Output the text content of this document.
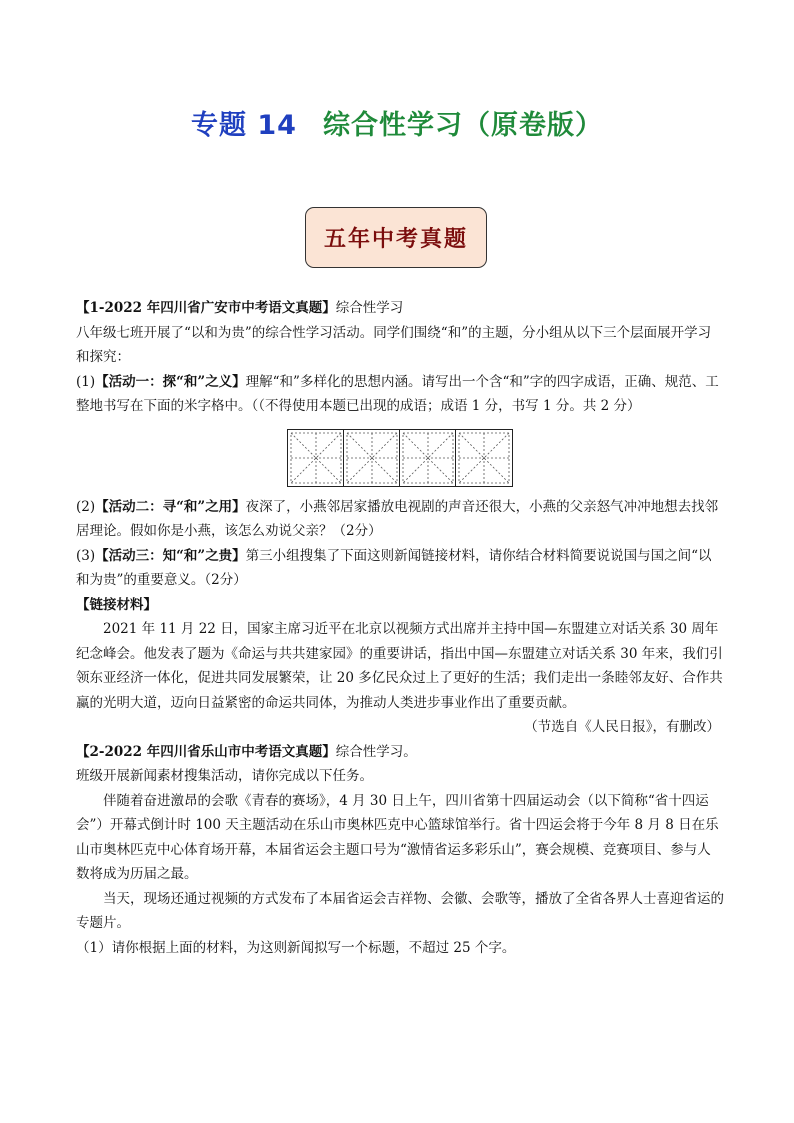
专题 14 综合性学习（原卷版）
五年中考真题

【1-2022 年四川省广安市中考语文真题】综合性学习

八年级七班开展了“以和为贵”的综合性学习活动。同学们围绕“和”的主题，分小组从以下三个层面展开学习和探究：

(1)【活动一：探“和”之义】理解“和”多样化的思想内涵。请写出一个含“和”字的四字成语，正确、规范、工整地书写在下面的米字格中。（（不得使用本题已出现的成语；成语 1 分，书写 1 分。共 2 分）

(2)【活动二：寻“和”之用】夜深了，小燕邻居家播放电视剧的声音还很大，小燕的父亲怒气冲冲地想去找邻居理论。假如你是小燕，该怎么劝说父亲？（2分）

(3)【活动三：知“和”之贵】第三小组搜集了下面这则新闻链接材料，请你结合材料简要说说国与国之间“以和为贵”的重要意义。（2分）

【链接材料】

2021 年 11 月 22 日，国家主席习近平在北京以视频方式出席并主持中国—东盟建立对话关系 30 周年纪念峰会。他发表了题为《命运与共共建家园》的重要讲话，指出中国—东盟建立对话关系 30 年来，我们引领东亚经济一体化，促进共同发展繁荣，让 20 多亿民众过上了更好的生活；我们走出一条睦邻友好、合作共赢的光明大道，迈向日益紧密的命运共同体，为推动人类进步事业作出了重要贡献。

（节选自《人民日报》，有删改）

【2-2022 年四川省乐山市中考语文真题】综合性学习。

班级开展新闻素材搜集活动，请你完成以下任务。

伴随着奋进激昂的会歌《青春的赛场》，4 月 30 日上午，四川省第十四届运动会（以下简称“省十四运会”）开幕式倒计时 100 天主题活动在乐山市奥林匹克中心篮球馆举行。省十四运会将于今年 8 月 8 日在乐山市奥林匹克中心体育场开幕，本届省运会主题口号为“激情省运多彩乐山”，赛会规模、竞赛项目、参与人数将成为历届之最。

当天，现场还通过视频的方式发布了本届省运会吉祥物、会徽、会歌等，播放了全省各界人士喜迎省运的专题片。

（1）请你根据上面的材料，为这则新闻拟写一个标题，不超过 25 个字。
